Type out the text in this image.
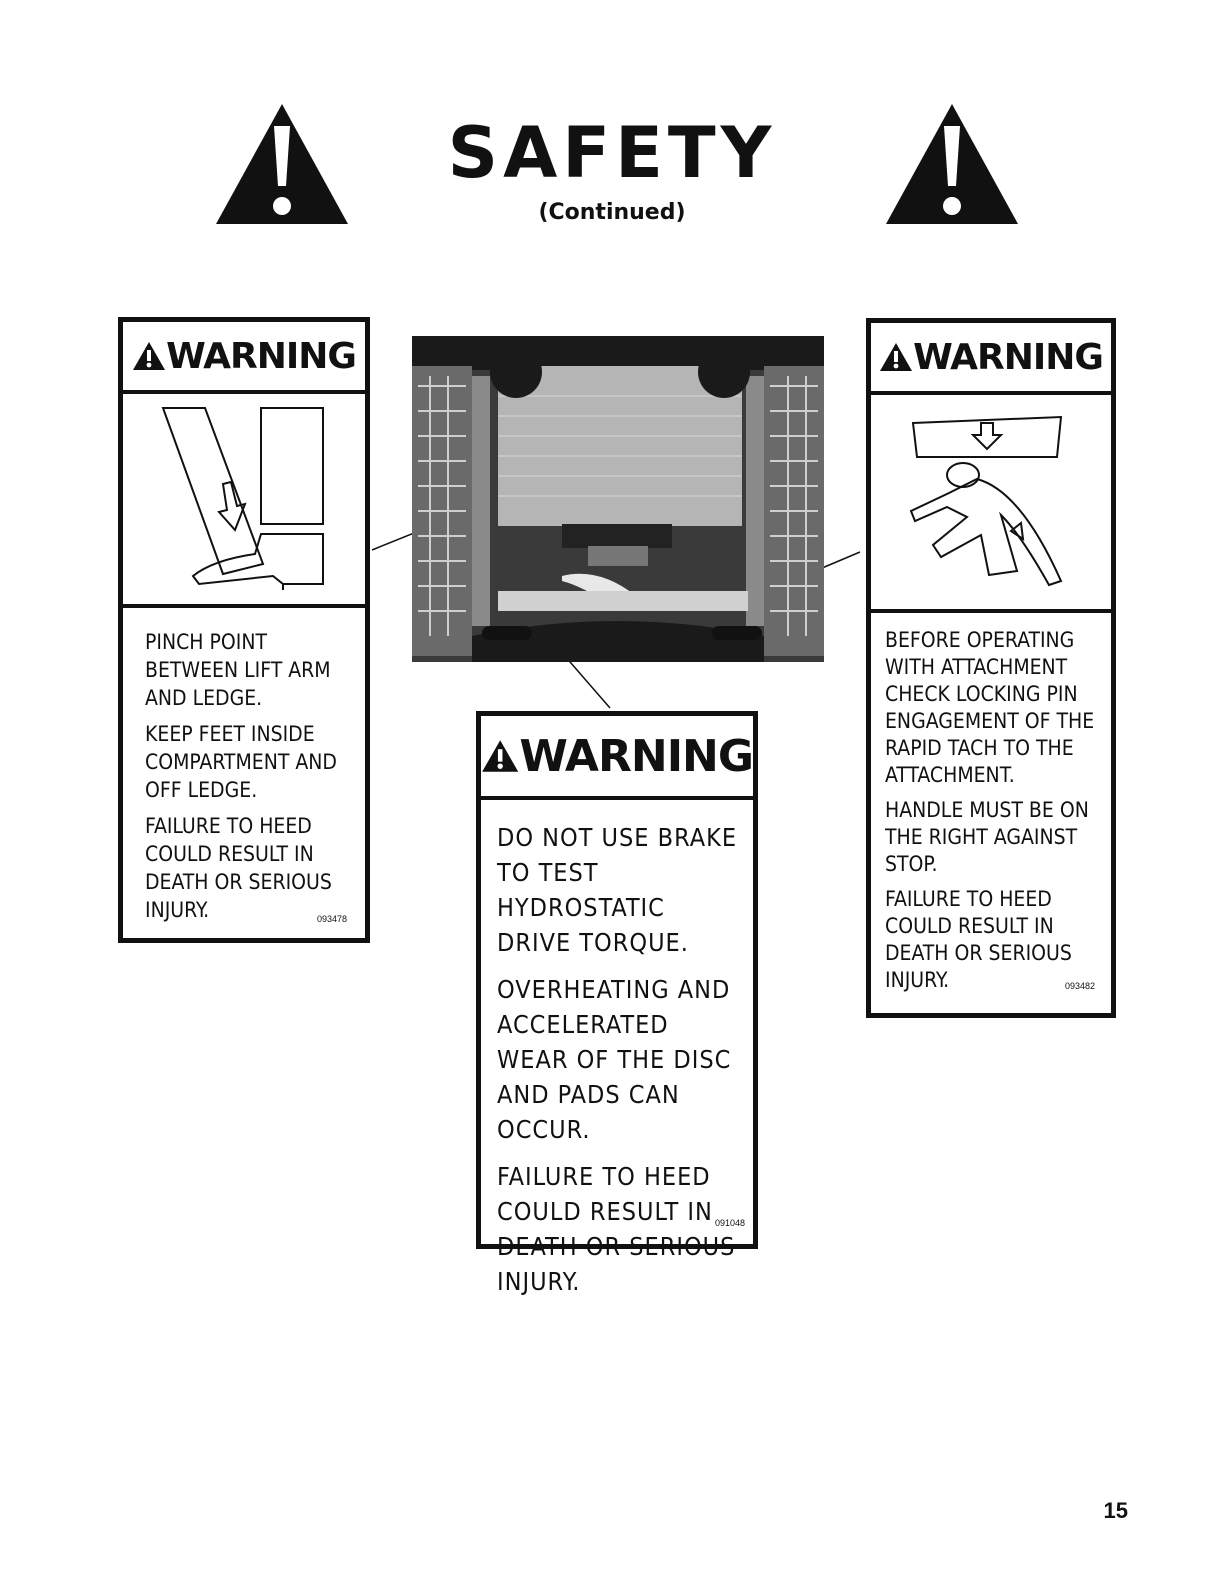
SAFETY
(Continued)
WARNING

PINCH POINT BETWEEN LIFT ARM AND LEDGE.

KEEP FEET INSIDE COMPARTMENT AND OFF LEDGE.

FAILURE TO HEED COULD RESULT IN DEATH OR SERIOUS INJURY.	093478
WARNING

DO NOT USE BRAKE TO TEST HYDROSTATIC DRIVE TORQUE.

OVERHEATING AND ACCELERATED WEAR OF THE DISC AND PADS CAN OCCUR.

FAILURE TO HEED COULD RESULT IN DEATH OR SERIOUS INJURY.

091048
WARNING

BEFORE OPERATING WITH ATTACHMENT CHECK LOCKING PIN ENGAGEMENT OF THE RAPID TACH TO THE ATTACHMENT.

HANDLE MUST BE ON THE RIGHT AGAINST STOP.

FAILURE TO HEED COULD RESULT IN DEATH OR SERIOUS INJURY.	093482
15
